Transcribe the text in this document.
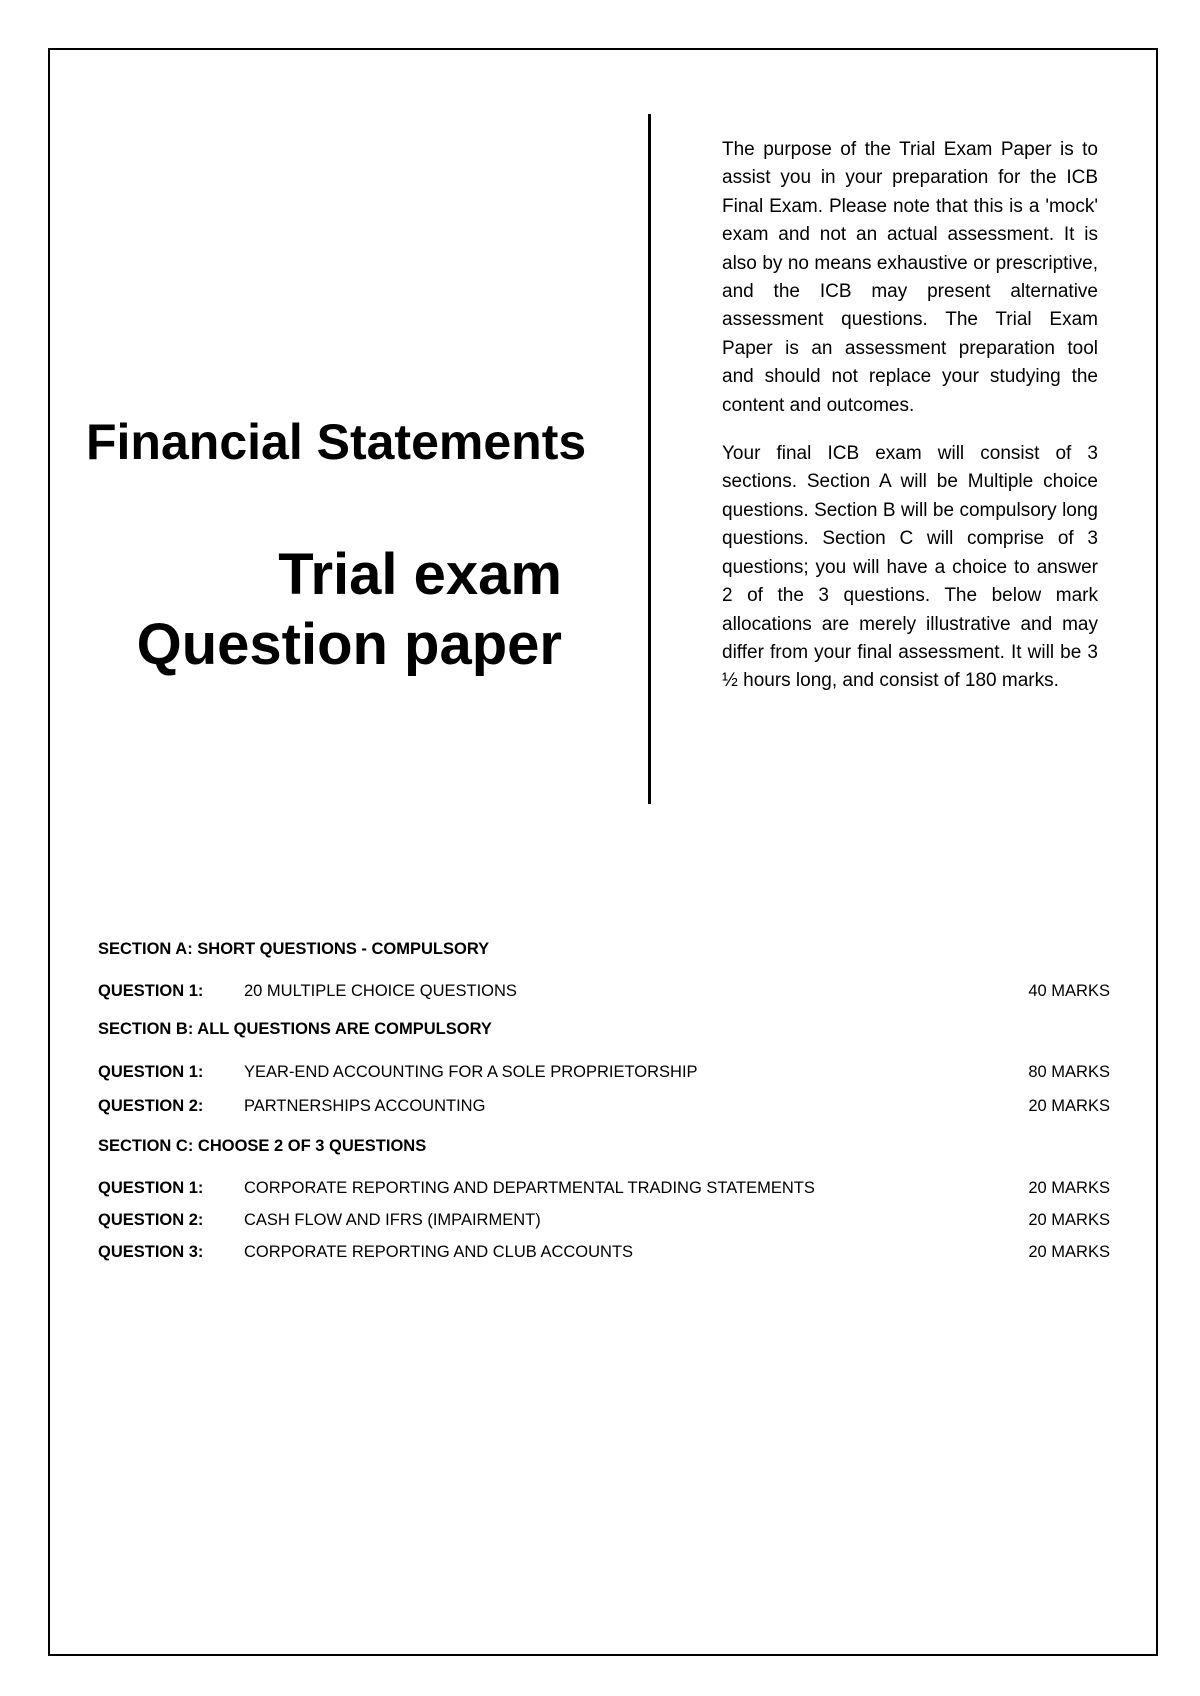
Financial Statements
Trial exam
Question paper

The purpose of the Trial Exam Paper is to assist you in your preparation for the ICB Final Exam. Please note that this is a 'mock' exam and not an actual assessment. It is also by no means exhaustive or prescriptive, and the ICB may present alternative assessment questions. The Trial Exam Paper is an assessment preparation tool and should not replace your studying the content and outcomes.

Your final ICB exam will consist of 3 sections. Section A will be Multiple choice questions. Section B will be compulsory long questions. Section C will comprise of 3 questions; you will have a choice to answer 2 of the 3 questions. The below mark allocations are merely illustrative and may differ from your final assessment. It will be 3 ½ hours long, and consist of 180 marks.

SECTION A: SHORT QUESTIONS - COMPULSORY
QUESTION 1: 20 MULTIPLE CHOICE QUESTIONS	40 MARKS
SECTION B: ALL QUESTIONS ARE COMPULSORY
QUESTION 1: YEAR-END ACCOUNTING FOR A SOLE PROPRIETORSHIP	80 MARKS
QUESTION 2: PARTNERSHIPS ACCOUNTING	20 MARKS
SECTION C: CHOOSE 2 OF 3 QUESTIONS
QUESTION 1: CORPORATE REPORTING AND DEPARTMENTAL TRADING STATEMENTS	20 MARKS
QUESTION 2: CASH FLOW AND IFRS (IMPAIRMENT)	20 MARKS
QUESTION 3: CORPORATE REPORTING AND CLUB ACCOUNTS	20 MARKS
